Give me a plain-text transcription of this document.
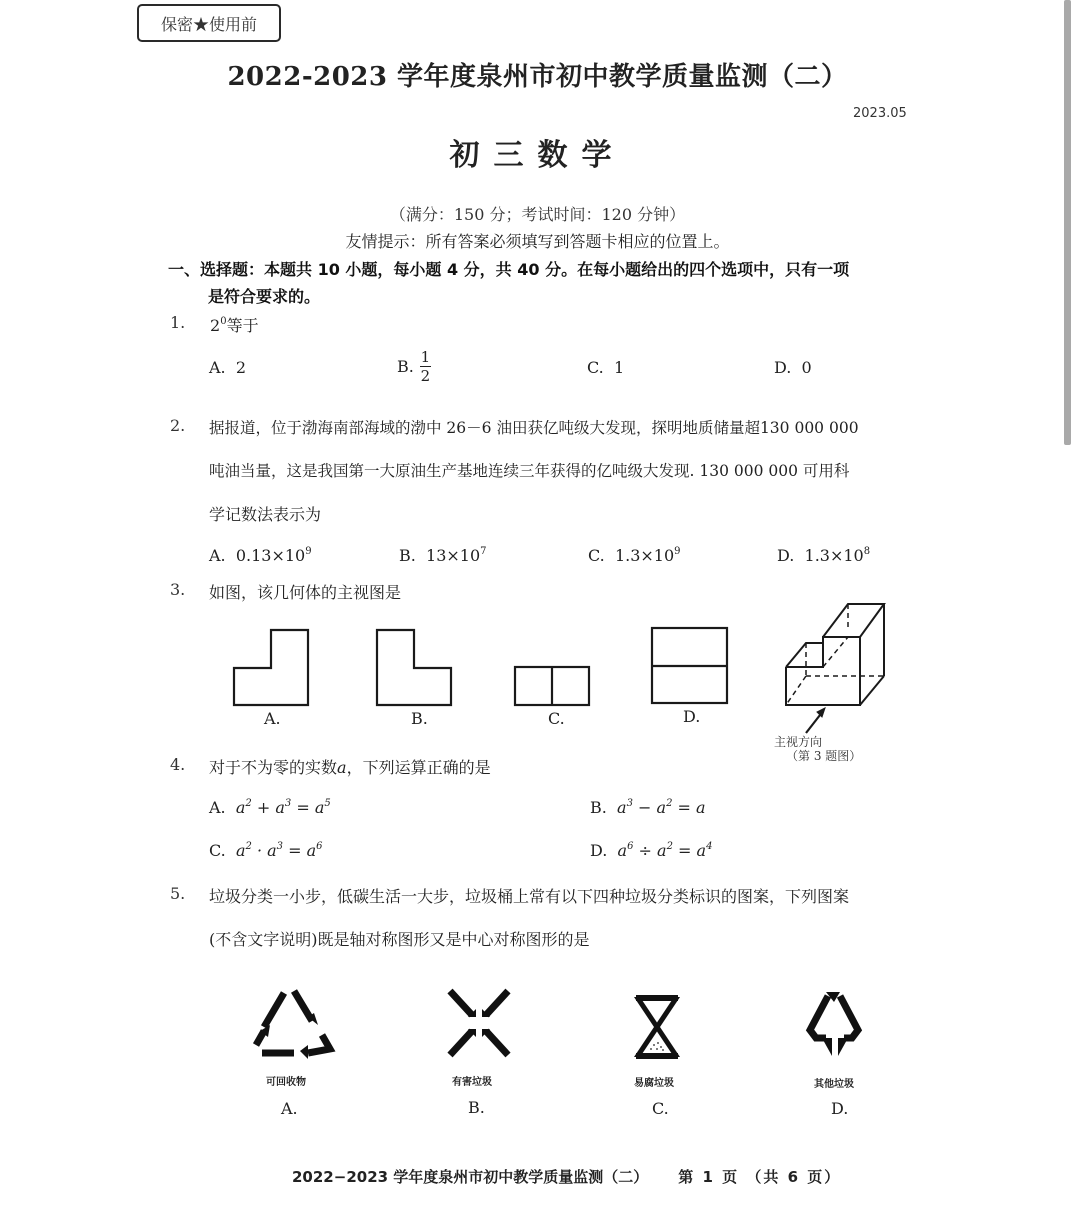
保密★使用前
2022-2023 学年度泉州市初中教学质量监测（二）
2023.05
初三数学
（满分：150 分；考试时间：120 分钟）
友情提示：所有答案必须填写到答题卡相应的位置上。
一、选择题：本题共 10 小题，每小题 4 分，共 40 分。在每小题给出的四个选项中，只有一项
是符合要求的。
1. $2^0$等于
A. 2	B. $\frac{1}{2}$	C. 1	D. 0
2. 据报道，位于渤海南部海域的渤中 26－6 油田获亿吨级大发现，探明地质储量超130 000 000
吨油当量，这是我国第一大原油生产基地连续三年获得的亿吨级大发现. 130 000 000 可用科
学记数法表示为
A. $0.13\times 10^9$	B. $13\times 10^7$	C. $1.3\times 10^9$	D. $1.3\times 10^8$
3. 如图，该几何体的主视图是
A.	B.	C.	D.
主视方向
（第 3 题图）
4. 对于不为零的实数a，下列运算正确的是
A. $a^2 + a^3 = a^5$	B. $a^3 - a^2 = a$
C. $a^2 \cdot a^3 = a^6$	D. $a^6 \div a^2 = a^4$
5. 垃圾分类一小步，低碳生活一大步，垃圾桶上常有以下四种垃圾分类标识的图案，下列图案
(不含文字说明)既是轴对称图形又是中心对称图形的是
可回收物	有害垃圾	易腐垃圾	其他垃圾
A.	B.	C.	D.
2022−2023 学年度泉州市初中教学质量监测（二） 第 1 页 （共 6 页）
